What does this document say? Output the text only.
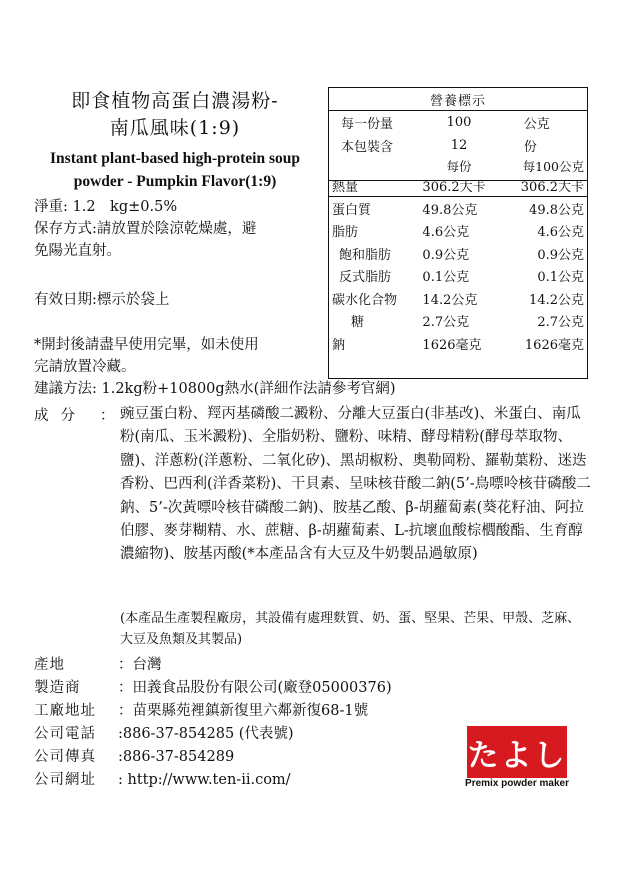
即食植物高蛋白濃湯粉-
南瓜風味(1:9)
Instant plant-based high-protein soup
powder - Pumpkin Flavor(1:9)
淨重: 1.2　kg±0.5%
保存方式:請放置於陰涼乾燥處，避
免陽光直射。
有效日期:標示於袋上
*開封後請盡早使用完畢，如未使用
完請放置冷藏。
營養標示		
每一份量	100	公克
本包裝含	12	份
	每份	每100公克
熱量	306.2大卡	306.2大卡
蛋白質	49.8公克	49.8公克
脂肪	4.6公克	4.6公克
飽和脂肪	0.9公克	0.9公克
反式脂肪	0.1公克	0.1公克
碳水化合物	14.2公克	14.2公克
糖	2.7公克	2.7公克
鈉	1626毫克	1626毫克
建議方法: 1.2kg粉+10800g熱水(詳細作法請參考官網)
成分 ： 豌豆蛋白粉、羥丙基磷酸二澱粉、分離大豆蛋白(非基改)、米蛋白、南瓜粉(南瓜、玉米澱粉)、全脂奶粉、鹽粉、味精、酵母精粉(酵母萃取物、鹽)、洋蔥粉(洋蔥粉、二氧化矽)、黑胡椒粉、奧勒岡粉、羅勒葉粉、迷迭香粉、巴西利(洋香菜粉)、干貝素、呈味核苷酸二鈉(5’-鳥嘌呤核苷磷酸二鈉、5’-次黃嘌呤核苷磷酸二鈉)、胺基乙酸、β-胡蘿蔔素(葵花籽油、阿拉伯膠、麥芽糊精、水、蔗糖、β-胡蘿蔔素、L-抗壞血酸棕櫚酸酯、生育醇濃縮物)、胺基丙酸(*本產品含有大豆及牛奶製品過敏原)
(本產品生產製程廠房，其設備有處理麩質、奶、蛋、堅果、芒果、甲殼、芝麻、大豆及魚類及其製品)
產地	：台灣
製造商	：田義食品股份有限公司(廠登05000376)
工廠地址 ：苗栗縣苑裡鎮新復里六鄰新復68-1號
公司電話 :886-37-854285 (代表號)
公司傳真 :886-37-854289
公司網址 : http://www.ten-ii.com/
たよし
Premix powder maker
